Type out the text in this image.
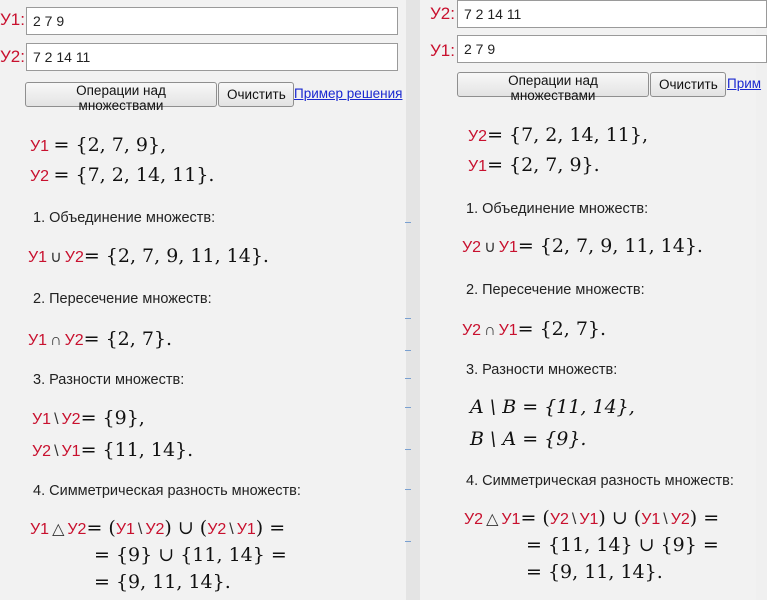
У1:
2 7 9
У2:
7 2 14 11
Операции над множествами
Очистить Пример решения
У1 = {2, 7, 9},
У2 = {7, 2, 14, 11}.
1. Объединение множеств:
У1 ∪ У2= {2, 7, 9, 11, 14}.
2. Пересечение множеств:
У1 ∩ У2= {2, 7}.
3. Разности множеств:
У1 \ У2= {9},
У2 \ У1= {11, 14}.
4. Симметрическая разность множеств:
У1 △ У2= (У1 \ У2) ∪ (У2 \ У1) =
= {9} ∪ {11, 14} =
= {9, 11, 14}.
У2:
7 2 14 11
У1:
2 7 9
Операции над множествами
Очистить Прим
У2= {7, 2, 14, 11},
У1= {2, 7, 9}.
1. Объединение множеств:
У2 ∪ У1= {2, 7, 9, 11, 14}.
2. Пересечение множеств:
У2 ∩ У1= {2, 7}.
3. Разности множеств:
A \ B = {11, 14},
B \ A = {9}.
4. Симметрическая разность множеств:
У2 △ У1= (У2 \ У1) ∪ (У1 \ У2) =
= {11, 14} ∪ {9} =
= {9, 11, 14}.
